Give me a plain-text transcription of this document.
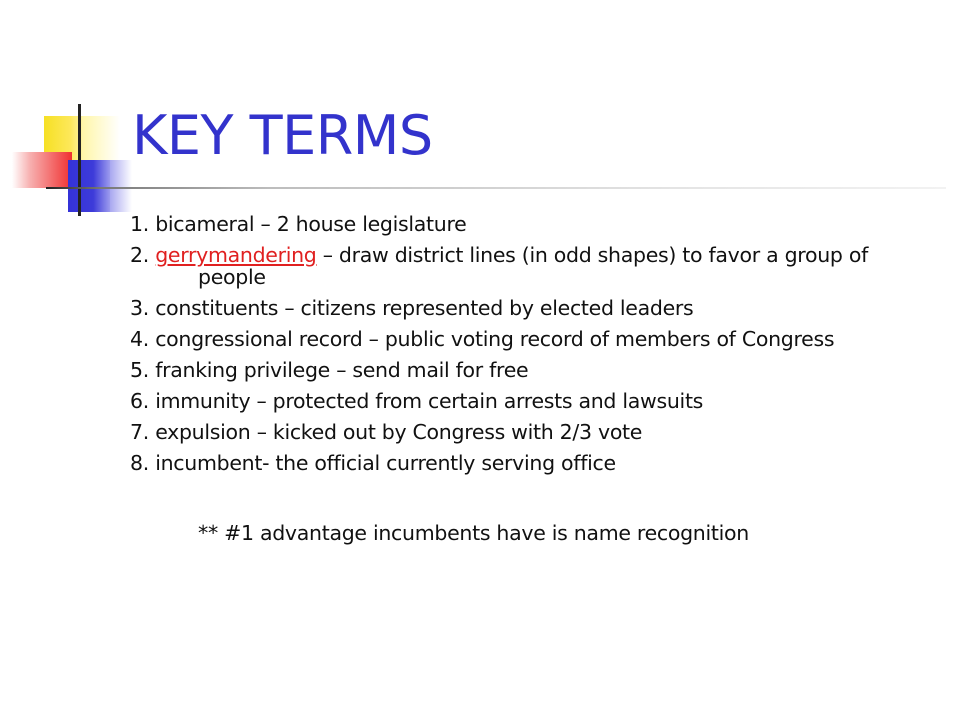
KEY TERMS
1. bicameral – 2 house legislature
2. gerrymandering – draw district lines (in odd shapes) to favor a group of people
3. constituents – citizens represented by elected leaders
4. congressional record – public voting record of members of Congress
5. franking privilege – send mail for free
6. immunity – protected from certain arrests and lawsuits
7. expulsion – kicked out by Congress with 2/3 vote
8. incumbent- the official currently serving office

** #1 advantage incumbents have is name recognition
